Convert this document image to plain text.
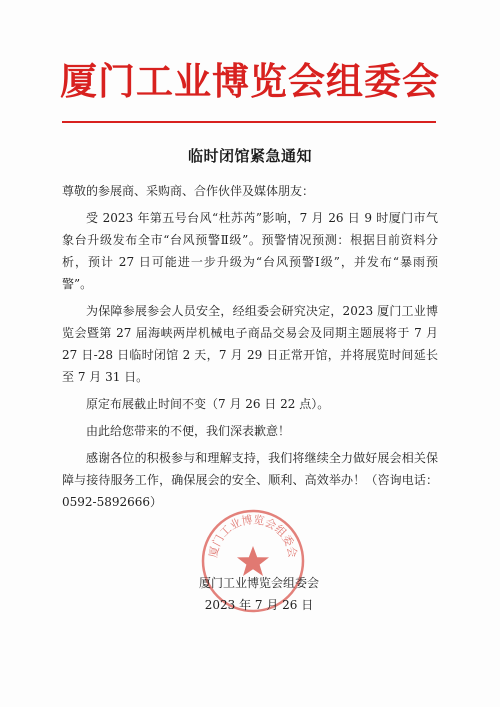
厦门工业博览会组委会
临时闭馆紧急通知

尊敬的参展商、采购商、合作伙伴及媒体朋友：

受 2023 年第五号台风“杜苏芮”影响，7 月 26 日 9 时厦门市气象台升级发布全市“台风预警Ⅱ级”。预警情况预测：根据目前资料分析，预计 27 日可能进一步升级为“台风预警Ⅰ级”，并发布“暴雨预警”。

为保障参展参会人员安全，经组委会研究决定，2023 厦门工业博览会暨第 27 届海峡两岸机械电子商品交易会及同期主题展将于 7 月 27 日-28 日临时闭馆 2 天，7 月 29 日正常开馆，并将展览时间延长至 7 月 31 日。

原定布展截止时间不变（7 月 26 日 22 点）。

由此给您带来的不便，我们深表歉意！

感谢各位的积极参与和理解支持，我们将继续全力做好展会相关保障与接待服务工作，确保展会的安全、顺利、高效举办！（咨询电话：0592-5892666）

厦门工业博览会组委会
厦门工业博览会组委会
2023 年 7 月 26 日
